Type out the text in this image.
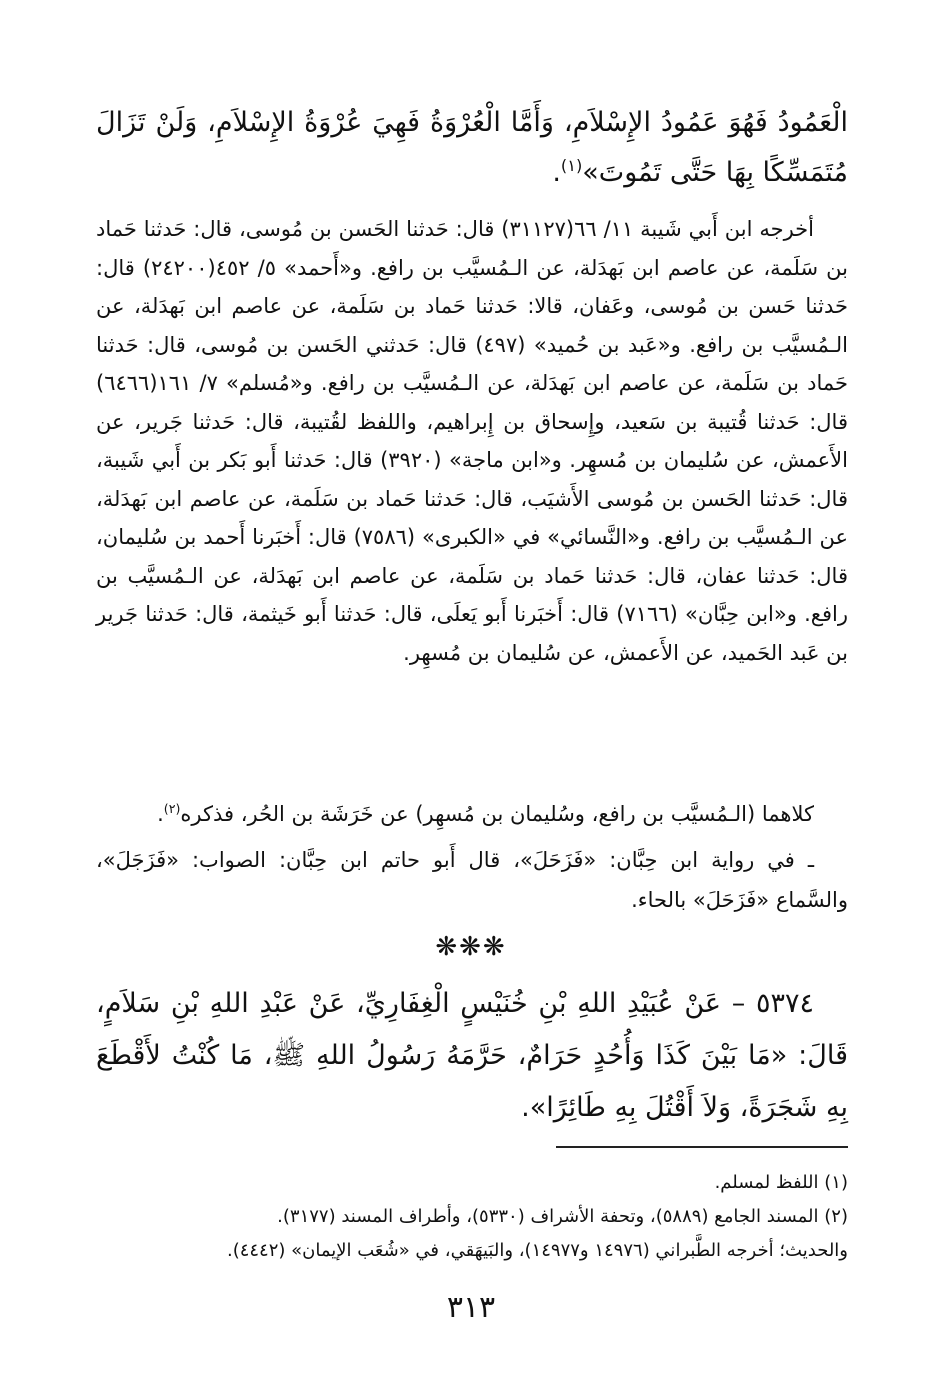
الْعَمُودُ فَهُوَ عَمُودُ الإِسْلاَمِ، وَأَمَّا الْعُرْوَةُ فَهِيَ عُرْوَةُ الإِسْلاَمِ، وَلَنْ تَزَالَ مُتَمَسِّكًا بِهَا حَتَّى تَمُوتَ»$^{(١)}$.

أخرجه ابن أَبي شَيبة ١١/ ٦٦(٣١١٢٧) قال: حَدثنا الحَسن بن مُوسى، قال: حَدثنا حَماد بن سَلَمة، عن عاصم ابن بَهدَلة، عن الـمُسيَّب بن رافع. و«أَحمد» ٥/ ٤٥٢(٢٤٢٠٠) قال: حَدثنا حَسن بن مُوسى، وعَفان، قالا: حَدثنا حَماد بن سَلَمة، عن عاصم ابن بَهدَلة، عن الـمُسيَّب بن رافع. و«عَبد بن حُميد» (٤٩٧) قال: حَدثني الحَسن بن مُوسى، قال: حَدثنا حَماد بن سَلَمة، عن عاصم ابن بَهدَلة، عن الـمُسيَّب بن رافع. و«مُسلم» ٧/ ١٦١(٦٤٦٦) قال: حَدثنا قُتيبة بن سَعيد، وإِسحاق بن إِبراهيم، واللفظ لقُتيبة، قال: حَدثنا جَرير، عن الأَعمش، عن سُليمان بن مُسهِر. و«ابن ماجة» (٣٩٢٠) قال: حَدثنا أَبو بَكر بن أَبي شَيبة، قال: حَدثنا الحَسن بن مُوسى الأَشيَب، قال: حَدثنا حَماد بن سَلَمة، عن عاصم ابن بَهدَلة، عن الـمُسيَّب بن رافع. و«النَّسائي» في «الكبرى» (٧٥٨٦) قال: أَخبَرنا أَحمد بن سُليمان، قال: حَدثنا عفان، قال: حَدثنا حَماد بن سَلَمة، عن عاصم ابن بَهدَلة، عن الـمُسيَّب بن رافع. و«ابن حِبَّان» (٧١٦٦) قال: أَخبَرنا أَبو يَعلَى، قال: حَدثنا أَبو خَيثمة، قال: حَدثنا جَرير بن عَبد الحَميد، عن الأَعمش، عن سُليمان بن مُسهِر.

كلاهما (الـمُسيَّب بن رافع، وسُليمان بن مُسهِر) عن خَرَشَة بن الحُر، فذكره$^{(٢)}$.

ـ في رواية ابن حِبَّان: «فَزَحَلَ»، قال أَبو حاتم ابن حِبَّان: الصواب: «فَزَجَلَ»، والسَّماع «فَزَحَلَ» بالحاء.

❋❋❋

٥٣٧٤ – عَنْ عُبَيْدِ اللهِ بْنِ خُنَيْسٍ الْغِفَارِيِّ، عَنْ عَبْدِ اللهِ بْنِ سَلاَمٍ، قَالَ: «مَا بَيْنَ كَذَا وَأُحُدٍ حَرَامٌ، حَرَّمَهُ رَسُولُ اللهِ ﷺ، مَا كُنْتُ لأَقْطَعَ بِهِ شَجَرَةً، وَلاَ أَقْتُلَ بِهِ طَائِرًا».

(١) اللفظ لمسلم.
(٢) المسند الجامع (٥٨٨٩)، وتحفة الأشراف (٥٣٣٠)، وأطراف المسند (٣١٧٧).
والحديث؛ أخرجه الطَّبراني (١٤٩٧٦ و١٤٩٧٧)، والبَيهَقي، في «شُعَب الإيمان» (٤٤٤٢).
٣١٣
